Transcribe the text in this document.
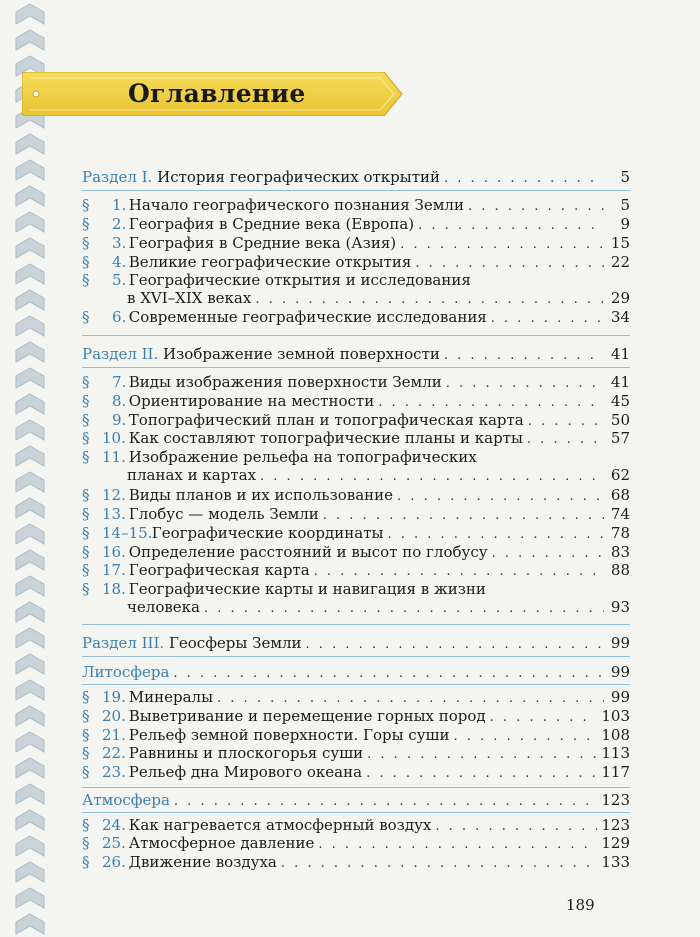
Оглавление
Раздел I. История географических открытий . . .	5
§ 1. Начало географического познания Земли . . .	5
§ 2. География в Средние века (Европа) . . .	9
§ 3. География в Средние века (Азия) . . .	15
§ 4. Великие географические открытия . . .	22
§ 5. Географические открытия и исследования
в XVI–XIX веках . . .	29
§ 6. Современные географические исследования . . .	34
Раздел II. Изображение земной поверхности . . .	41
§ 7. Виды изображения поверхности Земли . . .	41
§ 8. Ориентирование на местности . . .	45
§ 9. Топографический план и топографическая карта . . .	50
§ 10. Как составляют топографические планы и карты . . .	57
§ 11. Изображение рельефа на топографических
планах и картах . . .	62
§ 12. Виды планов и их использование . . .	68
§ 13. Глобус — модель Земли . . .	74
§ 14–15. Географические координаты . . .	78
§ 16. Определение расстояний и высот по глобусу . . .	83
§ 17. Географическая карта . . .	88
§ 18. Географические карты и навигация в жизни
человека . . .	93
Раздел III. Геосферы Земли . . .	99
Литосфера . . .	99
§ 19. Минералы . . .	99
§ 20. Выветривание и перемещение горных пород . . .	103
§ 21. Рельеф земной поверхности. Горы суши . . .	108
§ 22. Равнины и плоскогорья суши . . .	113
§ 23. Рельеф дна Мирового океана . . .	117
Атмосфера . . .	123
§ 24. Как нагревается атмосферный воздух . . .	123
§ 25. Атмосферное давление . . .	129
§ 26. Движение воздуха . . .	133
189
